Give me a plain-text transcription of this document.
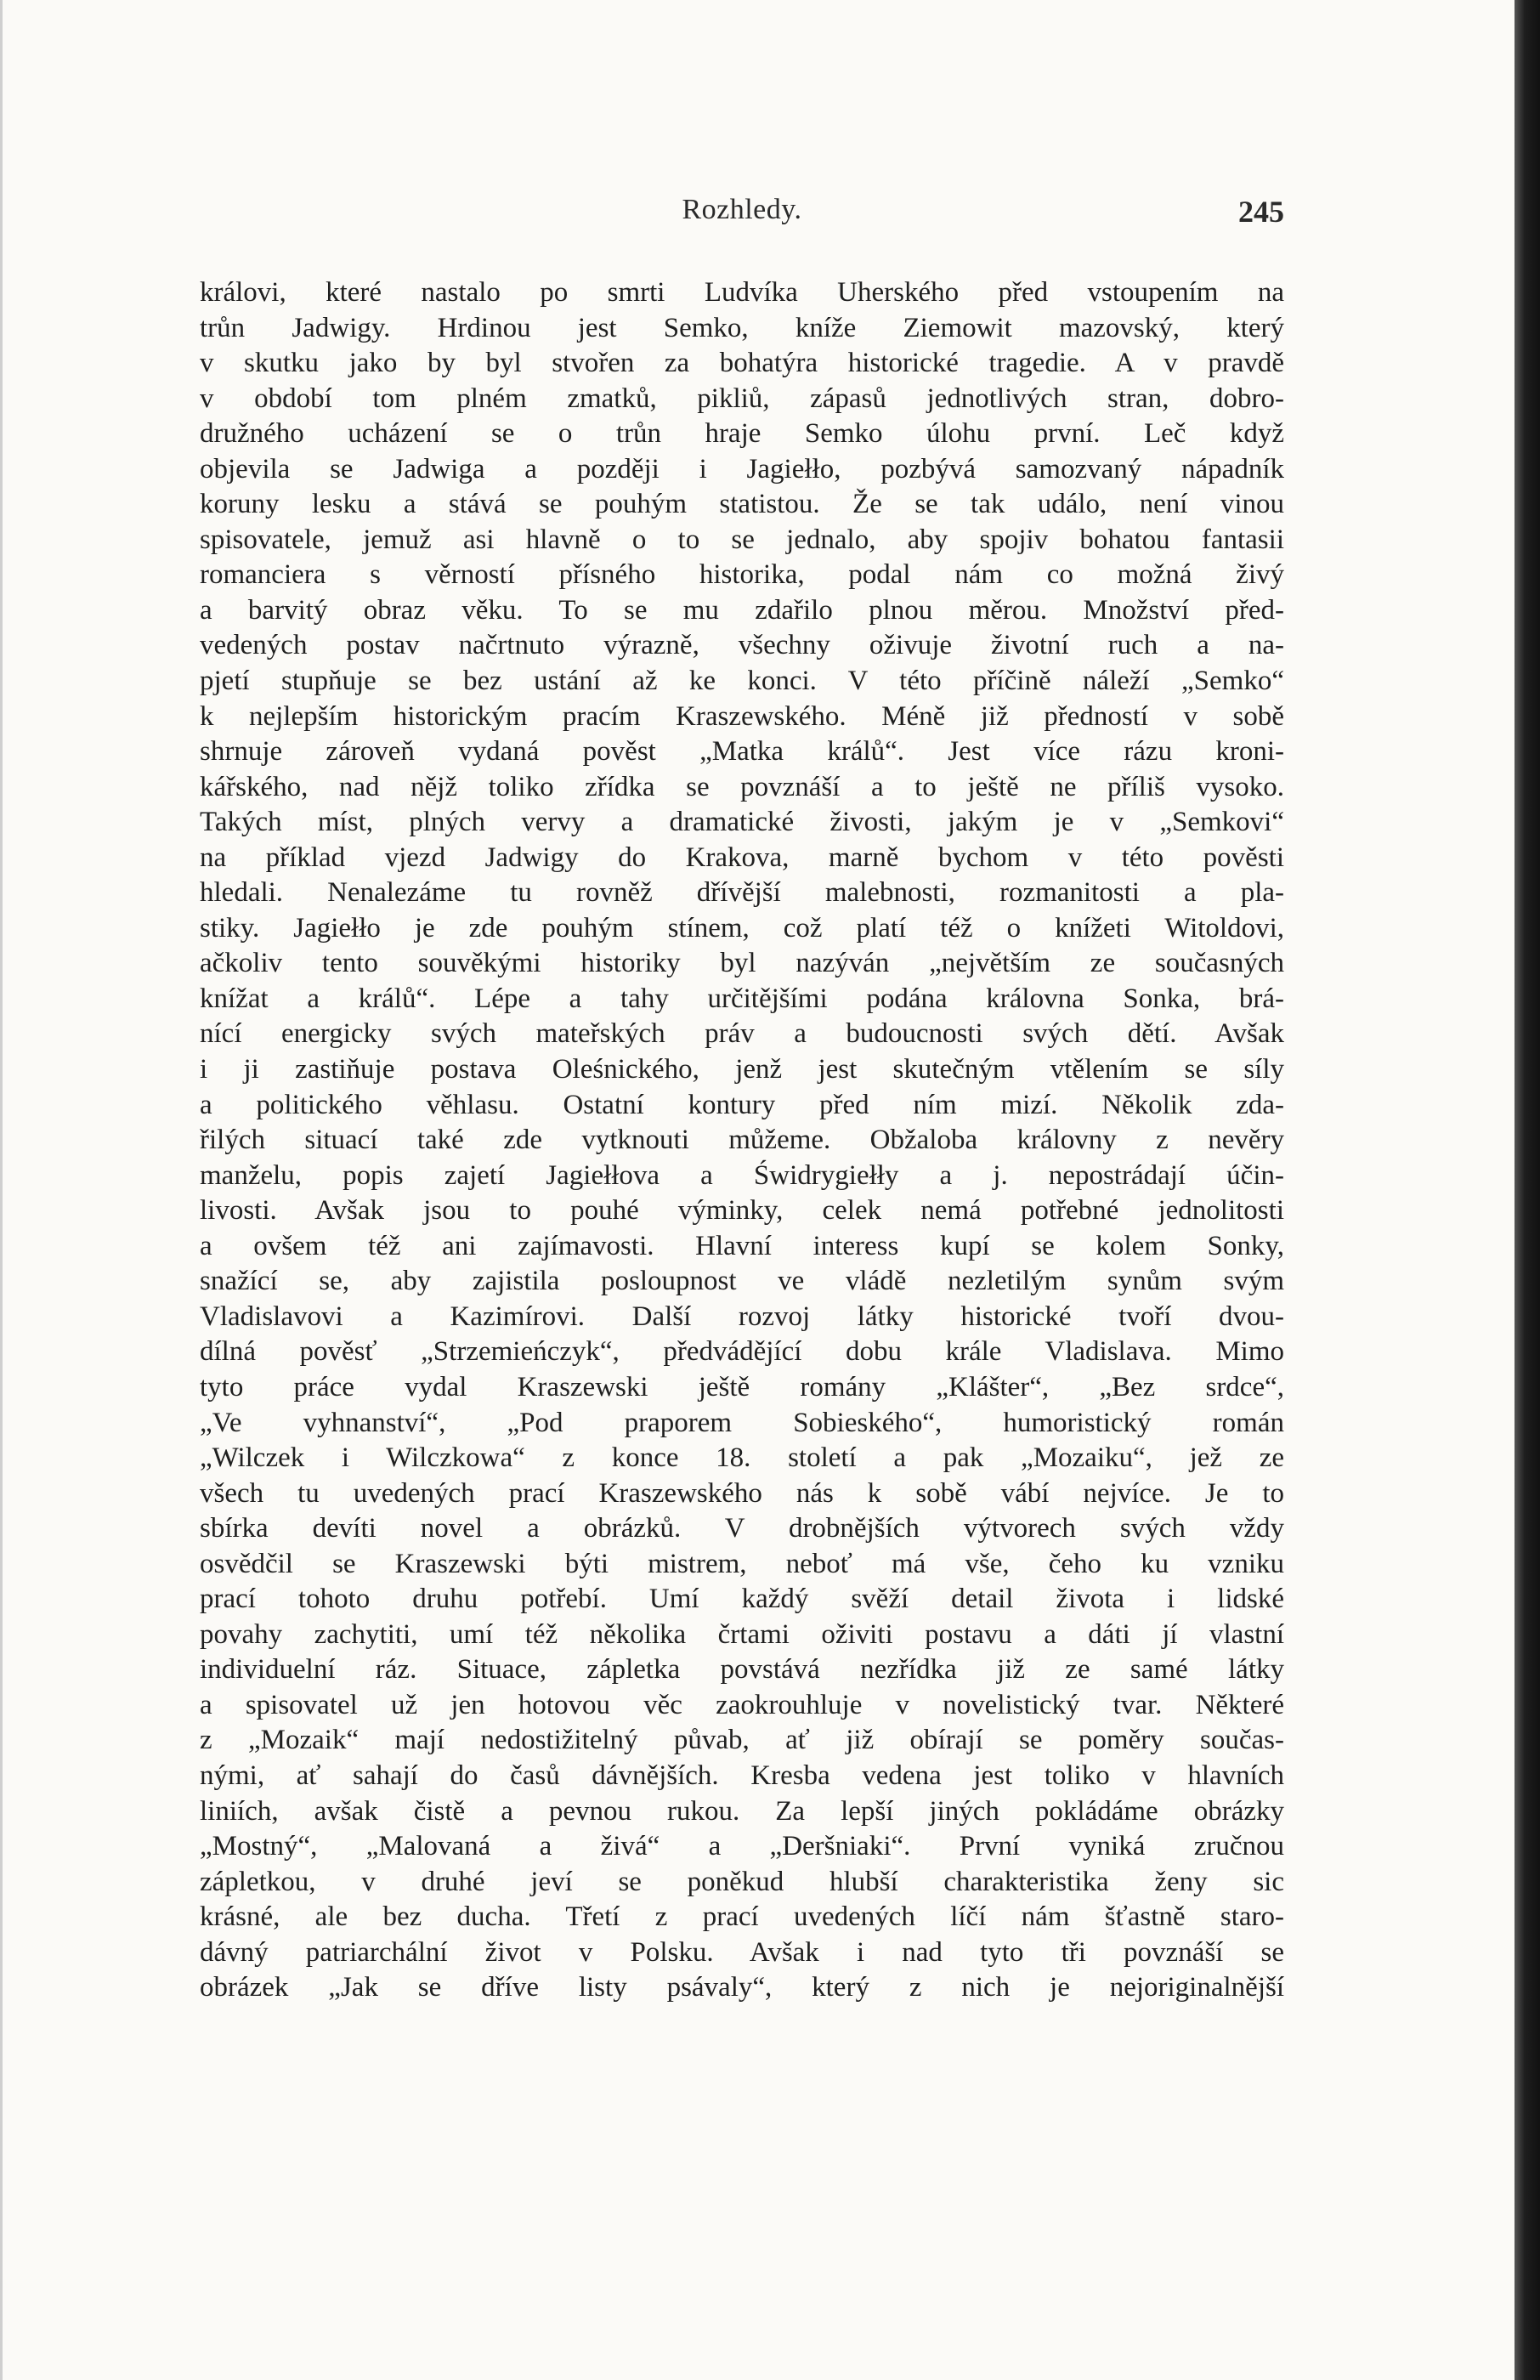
Rozhledy.	245
královi, které nastalo po smrti Ludvíka Uherského před vstoupením na
trůn Jadwigy. Hrdinou jest Semko, kníže Ziemowit mazovský, který
v skutku jako by byl stvořen za bohatýra historické tragedie. A v pravdě
v období tom plném zmatků, pikliů, zápasů jednotlivých stran, dobro-
družného ucházení se o trůn hraje Semko úlohu první. Leč když
objevila se Jadwiga a později i Jagiełło, pozbývá samozvaný nápadník
koruny lesku a stává se pouhým statistou. Že se tak událo, není vinou
spisovatele, jemuž asi hlavně o to se jednalo, aby spojiv bohatou fantasii
romanciera s věrností přísného historika, podal nám co možná živý
a barvitý obraz věku. To se mu zdařilo plnou měrou. Množství před-
vedených postav načrtnuto výrazně, všechny oživuje životní ruch a na-
pjetí stupňuje se bez ustání až ke konci. V této příčině náleží „Semko“
k nejlepším historickým pracím Kraszewského. Méně již předností v sobě
shrnuje zároveň vydaná pověst „Matka králů“. Jest více rázu kroni-
kářského, nad nějž toliko zřídka se povznáší a to ještě ne příliš vysoko.
Takých míst, plných vervy a dramatické živosti, jakým je v „Semkovi“
na příklad vjezd Jadwigy do Krakova, marně bychom v této pověsti
hledali. Nenalezáme tu rovněž dřívější malebnosti, rozmanitosti a pla-
stiky. Jagiełło je zde pouhým stínem, což platí též o knížeti Witoldovi,
ačkoliv tento souvěkými historiky byl nazýván „největším ze současných
knížat a králů“. Lépe a tahy určitějšími podána královna Sonka, brá-
nící energicky svých mateřských práv a budoucnosti svých dětí. Avšak
i ji zastiňuje postava Oleśnického, jenž jest skutečným vtělením se síly
a politického věhlasu. Ostatní kontury před ním mizí. Několik zda-
řilých situací také zde vytknouti můžeme. Obžaloba královny z nevěry
manželu, popis zajetí Jagiełłova a Świdrygiełły a j. nepostrádají účin-
livosti. Avšak jsou to pouhé výminky, celek nemá potřebné jednolitosti
a ovšem též ani zajímavosti. Hlavní interess kupí se kolem Sonky,
snažící se, aby zajistila posloupnost ve vládě nezletilým synům svým
Vladislavovi a Kazimírovi. Další rozvoj látky historické tvoří dvou-
dílná pověsť „Strzemieńczyk“, předvádějící dobu krále Vladislava. Mimo
tyto práce vydal Kraszewski ještě romány „Klášter“, „Bez srdce“,
„Ve vyhnanství“, „Pod praporem Sobieského“, humoristický román
„Wilczek i Wilczkowa“ z konce 18. století a pak „Mozaiku“, jež ze
všech tu uvedených prací Kraszewského nás k sobě vábí nejvíce. Je to
sbírka devíti novel a obrázků. V drobnějších výtvorech svých vždy
osvědčil se Kraszewski býti mistrem, neboť má vše, čeho ku vzniku
prací tohoto druhu potřebí. Umí každý svěží detail života i lidské
povahy zachytiti, umí též několika črtami oživiti postavu a dáti jí vlastní
individuelní ráz. Situace, zápletka povstává nezřídka již ze samé látky
a spisovatel už jen hotovou věc zaokrouhluje v novelistický tvar. Některé
z „Mozaik“ mají nedostižitelný půvab, ať již obírají se poměry součas-
nými, ať sahají do časů dávnějších. Kresba vedena jest toliko v hlavních
liniích, avšak čistě a pevnou rukou. Za lepší jiných pokládáme obrázky
„Mostný“, „Malovaná a živá“ a „Deršniaki“. První vyniká zručnou
zápletkou, v druhé jeví se poněkud hlubší charakteristika ženy sic
krásné, ale bez ducha. Třetí z prací uvedených líčí nám šťastně staro-
dávný patriarchální život v Polsku. Avšak i nad tyto tři povznáší se
obrázek „Jak se dříve listy psávaly“, který z nich je nejoriginalnější
